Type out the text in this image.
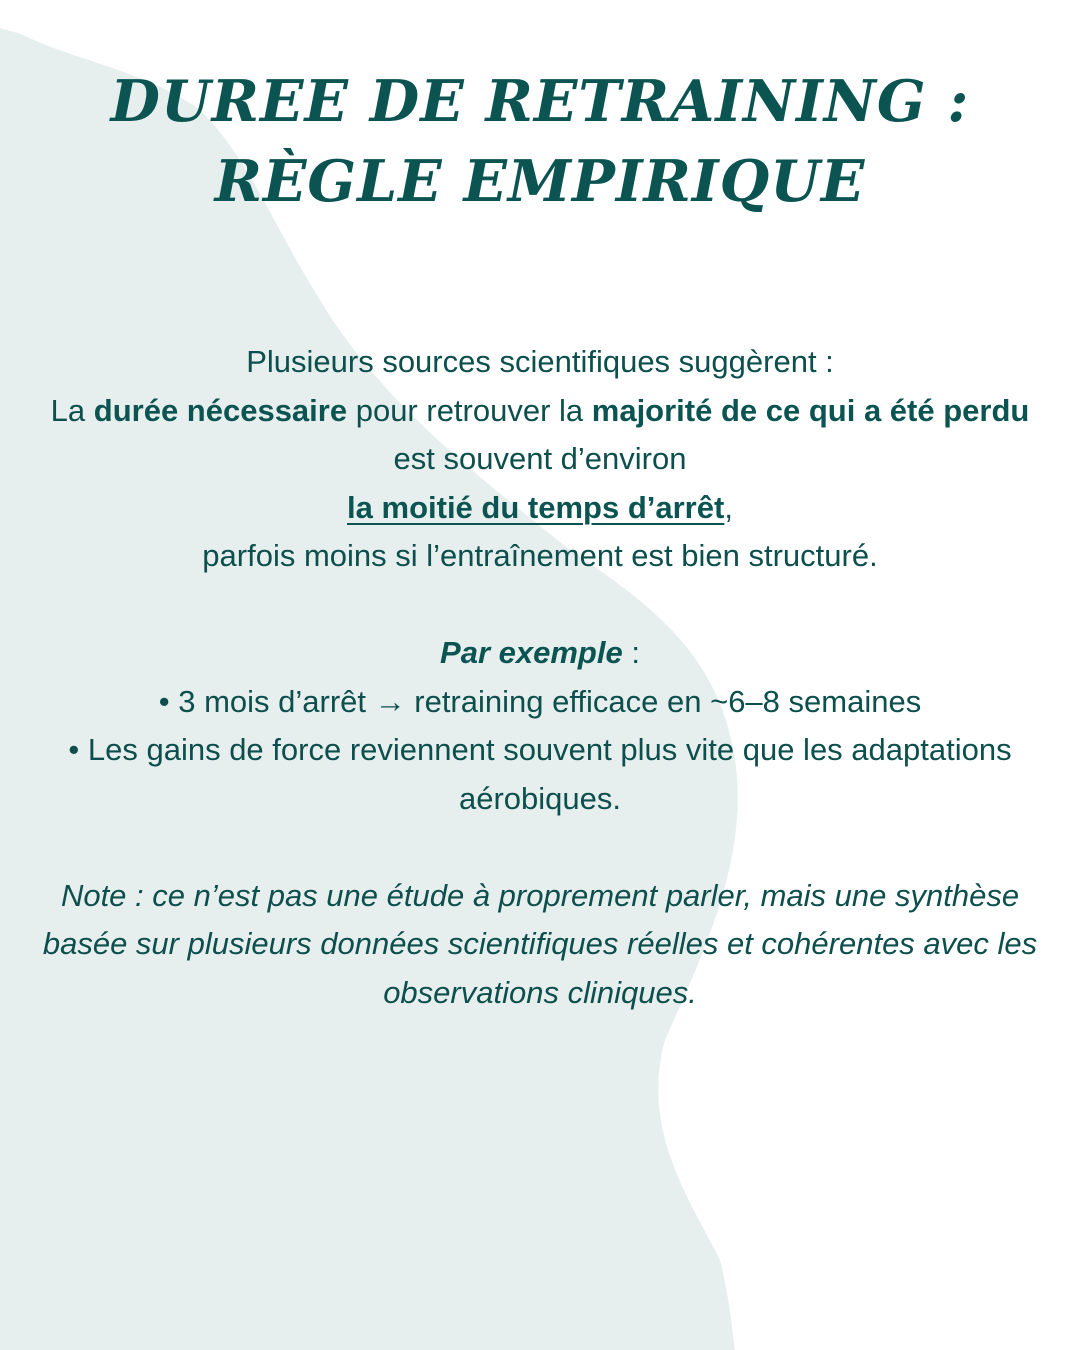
DUREE DE RETRAINING :
RÈGLE EMPIRIQUE

Plusieurs sources scientifiques suggèrent :

La durée nécessaire pour retrouver la majorité de ce qui a été perdu est souvent d’environ
la moitié du temps d’arrêt,
parfois moins si l’entraînement est bien structuré.

Par exemple :

• 3 mois d’arrêt → retraining efficace en ~6–8 semaines

• Les gains de force reviennent souvent plus vite que les adaptations aérobiques.

Note : ce n’est pas une étude à proprement parler, mais une synthèse basée sur plusieurs données scientifiques réelles et cohérentes avec les observations cliniques.
